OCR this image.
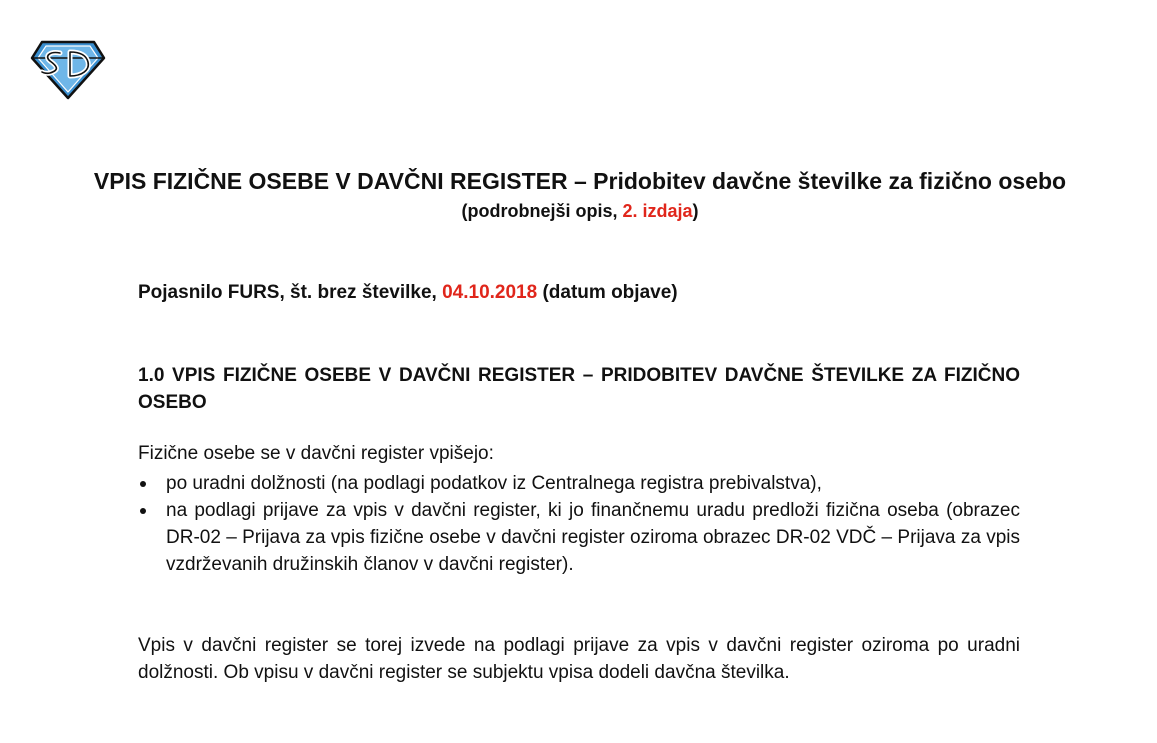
VPIS FIZIČNE OSEBE V DAVČNI REGISTER – Pridobitev davčne številke za fizično osebo

(podrobnejši opis, 2. izdaja)

Pojasnilo FURS, št. brez številke, 04.10.2018 (datum objave)

1.0 VPIS FIZIČNE OSEBE V DAVČNI REGISTER – PRIDOBITEV DAVČNE ŠTEVILKE ZA FIZIČNO OSEBO

Fizične osebe se v davčni register vpišejo:

po uradni dolžnosti (na podlagi podatkov iz Centralnega registra prebivalstva),
na podlagi prijave za vpis v davčni register, ki jo finančnemu uradu predloži fizična oseba (obrazec DR-02 – Prijava za vpis fizične osebe v davčni register oziroma obrazec DR-02 VDČ – Prijava za vpis vzdrževanih družinskih članov v davčni register).

Vpis v davčni register se torej izvede na podlagi prijave za vpis v davčni register oziroma po uradni dolžnosti. Ob vpisu v davčni register se subjektu vpisa dodeli davčna številka.
